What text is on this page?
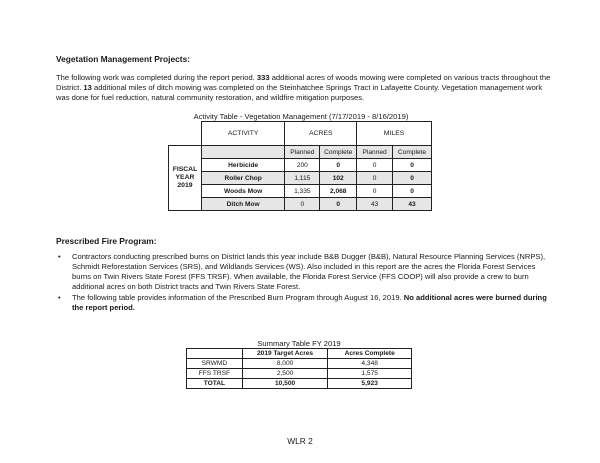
Vegetation Management Projects:
The following work was completed during the report period. 333 additional acres of woods mowing were completed on various tracts throughout the District. 13 additional miles of ditch mowing was completed on the Steinhatchee Springs Tract in Lafayette County. Vegetation management work was done for fuel reduction, natural community restoration, and wildfire mitigation purposes.
Activity Table - Vegetation Management (7/17/2019 - 8/16/2019)
	ACTIVITY	ACRES		MILES	

FISCAL
YEAR
2019		Planned	Complete	Planned	Complete
	Herbicide	200	0	0	0
	Roller Chop	1,115	102	0	0
	Woods Mow	1,335	2,068	0	0
	Ditch Mow	0	0	43	43
Prescribed Fire Program:
• Contractors conducting prescribed burns on District lands this year include B&B Dugger (B&B), Natural Resource Planning Services (NRPS), Schmidt Reforestation Services (SRS), and Wildlands Services (WS). Also included in this report are the acres the Florida Forest Services burns on Twin Rivers State Forest (FFS TRSF). When available, the Florida Forest Service (FFS COOP) will also provide a crew to burn additional acres on both District tracts and Twin Rivers State Forest.
• The following table provides information of the Prescribed Burn Program through August 16, 2019. No additional acres were burned during the report period.
Summary Table FY 2019
	2019 Target Acres	Acres Complete
SRWMD	8,000	4,348
FFS TRSF	2,500	1,575
TOTAL	10,500	5,923
WLR 2
